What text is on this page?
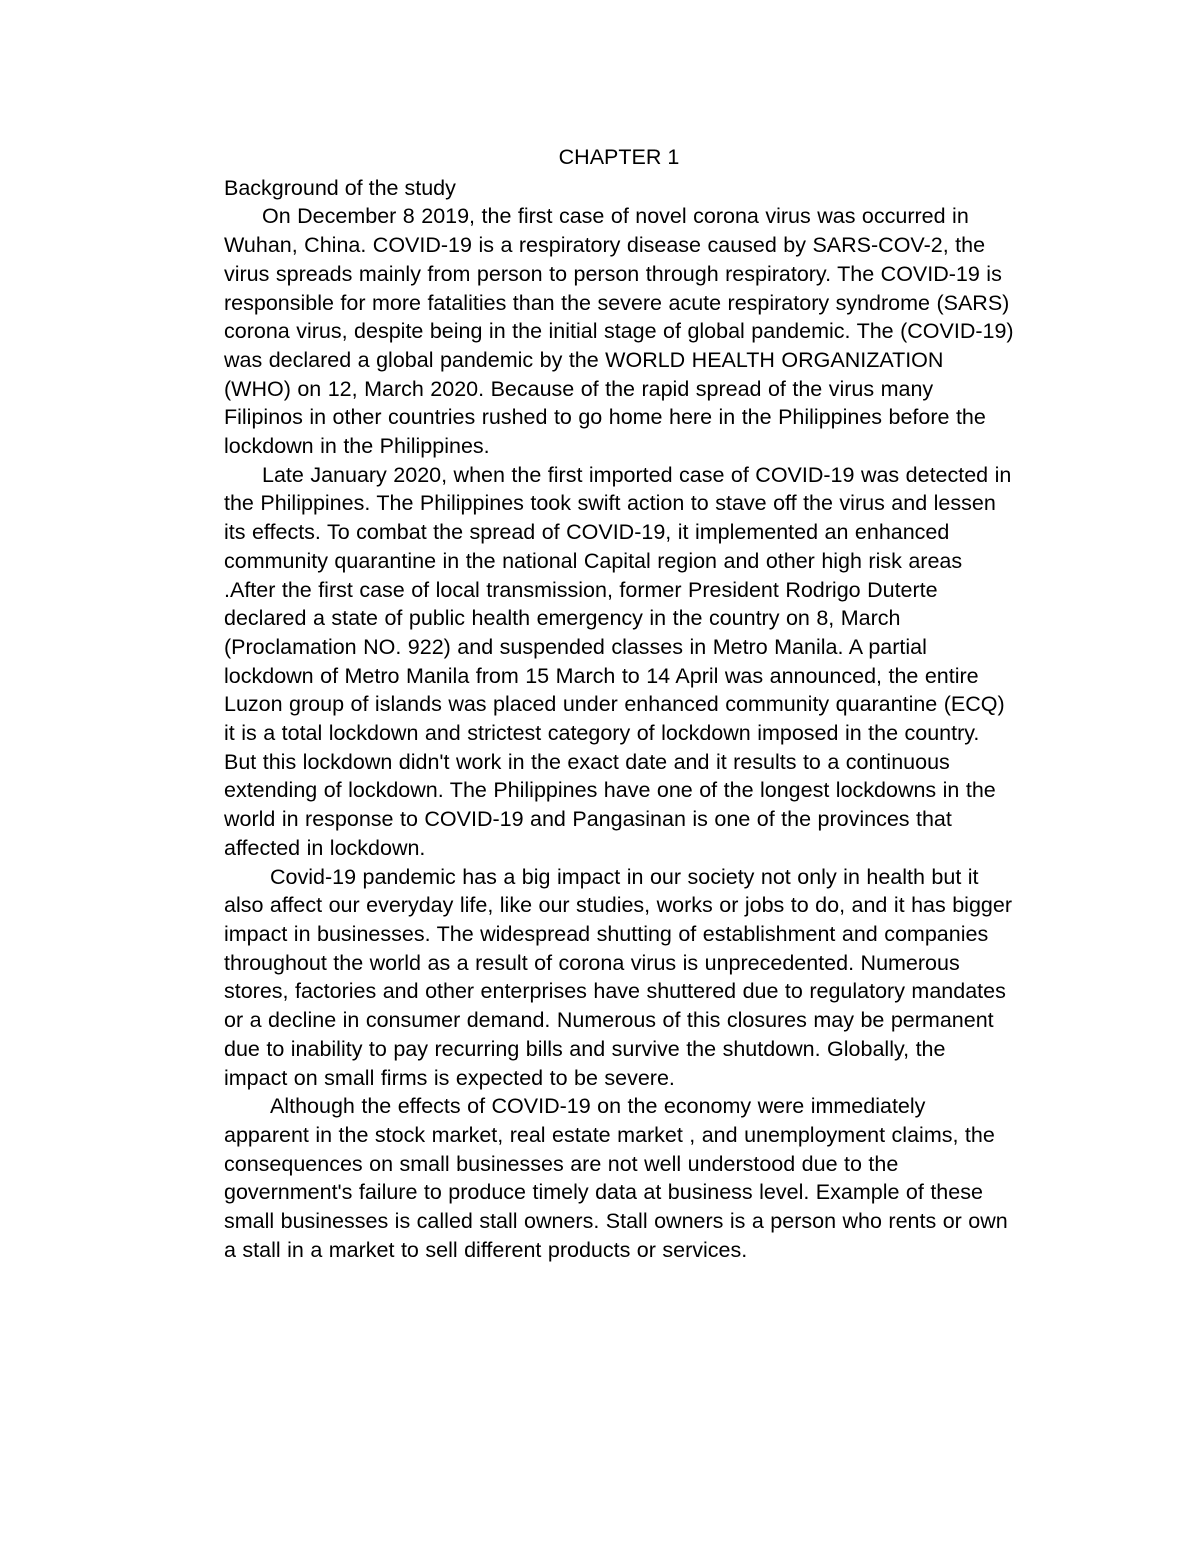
CHAPTER 1
Background of the study

On December 8 2019, the first case of novel corona virus was occurred in Wuhan, China. COVID-19 is a respiratory disease caused by SARS-COV-2, the virus spreads mainly from person to person through respiratory. The COVID-19 is responsible for more fatalities than the severe acute respiratory syndrome (SARS) corona virus, despite being in the initial stage of global pandemic. The (COVID-19) was declared a global pandemic by the WORLD HEALTH ORGANIZATION (WHO) on 12, March 2020. Because of the rapid spread of the virus many Filipinos in other countries rushed to go home here in the Philippines before the lockdown in the Philippines.

Late January 2020, when the first imported case of COVID-19 was detected in the Philippines. The Philippines took swift action to stave off the virus and lessen its effects. To combat the spread of COVID-19, it implemented an enhanced community quarantine in the national Capital region and other high risk areas .After the first case of local transmission, former President Rodrigo Duterte declared a state of public health emergency in the country on 8, March (Proclamation NO. 922) and suspended classes in Metro Manila. A partial lockdown of Metro Manila from 15 March to 14 April was announced, the entire Luzon group of islands was placed under enhanced community quarantine (ECQ) it is a total lockdown and strictest category of lockdown imposed in the country. But this lockdown didn't work in the exact date and it results to a continuous extending of lockdown. The Philippines have one of the longest lockdowns in the world in response to COVID-19 and Pangasinan is one of the provinces that affected in lockdown.

Covid-19 pandemic has a big impact in our society not only in health but it also affect our everyday life, like our studies, works or jobs to do, and it has bigger impact in businesses. The widespread shutting of establishment and companies throughout the world as a result of corona virus is unprecedented. Numerous stores, factories and other enterprises have shuttered due to regulatory mandates or a decline in consumer demand. Numerous of this closures may be permanent due to inability to pay recurring bills and survive the shutdown. Globally, the impact on small firms is expected to be severe.

Although the effects of COVID-19 on the economy were immediately apparent in the stock market, real estate market , and unemployment claims, the consequences on small businesses are not well understood due to the government's failure to produce timely data at business level. Example of these small businesses is called stall owners. Stall owners is a person who rents or own a stall in a market to sell different products or services.
